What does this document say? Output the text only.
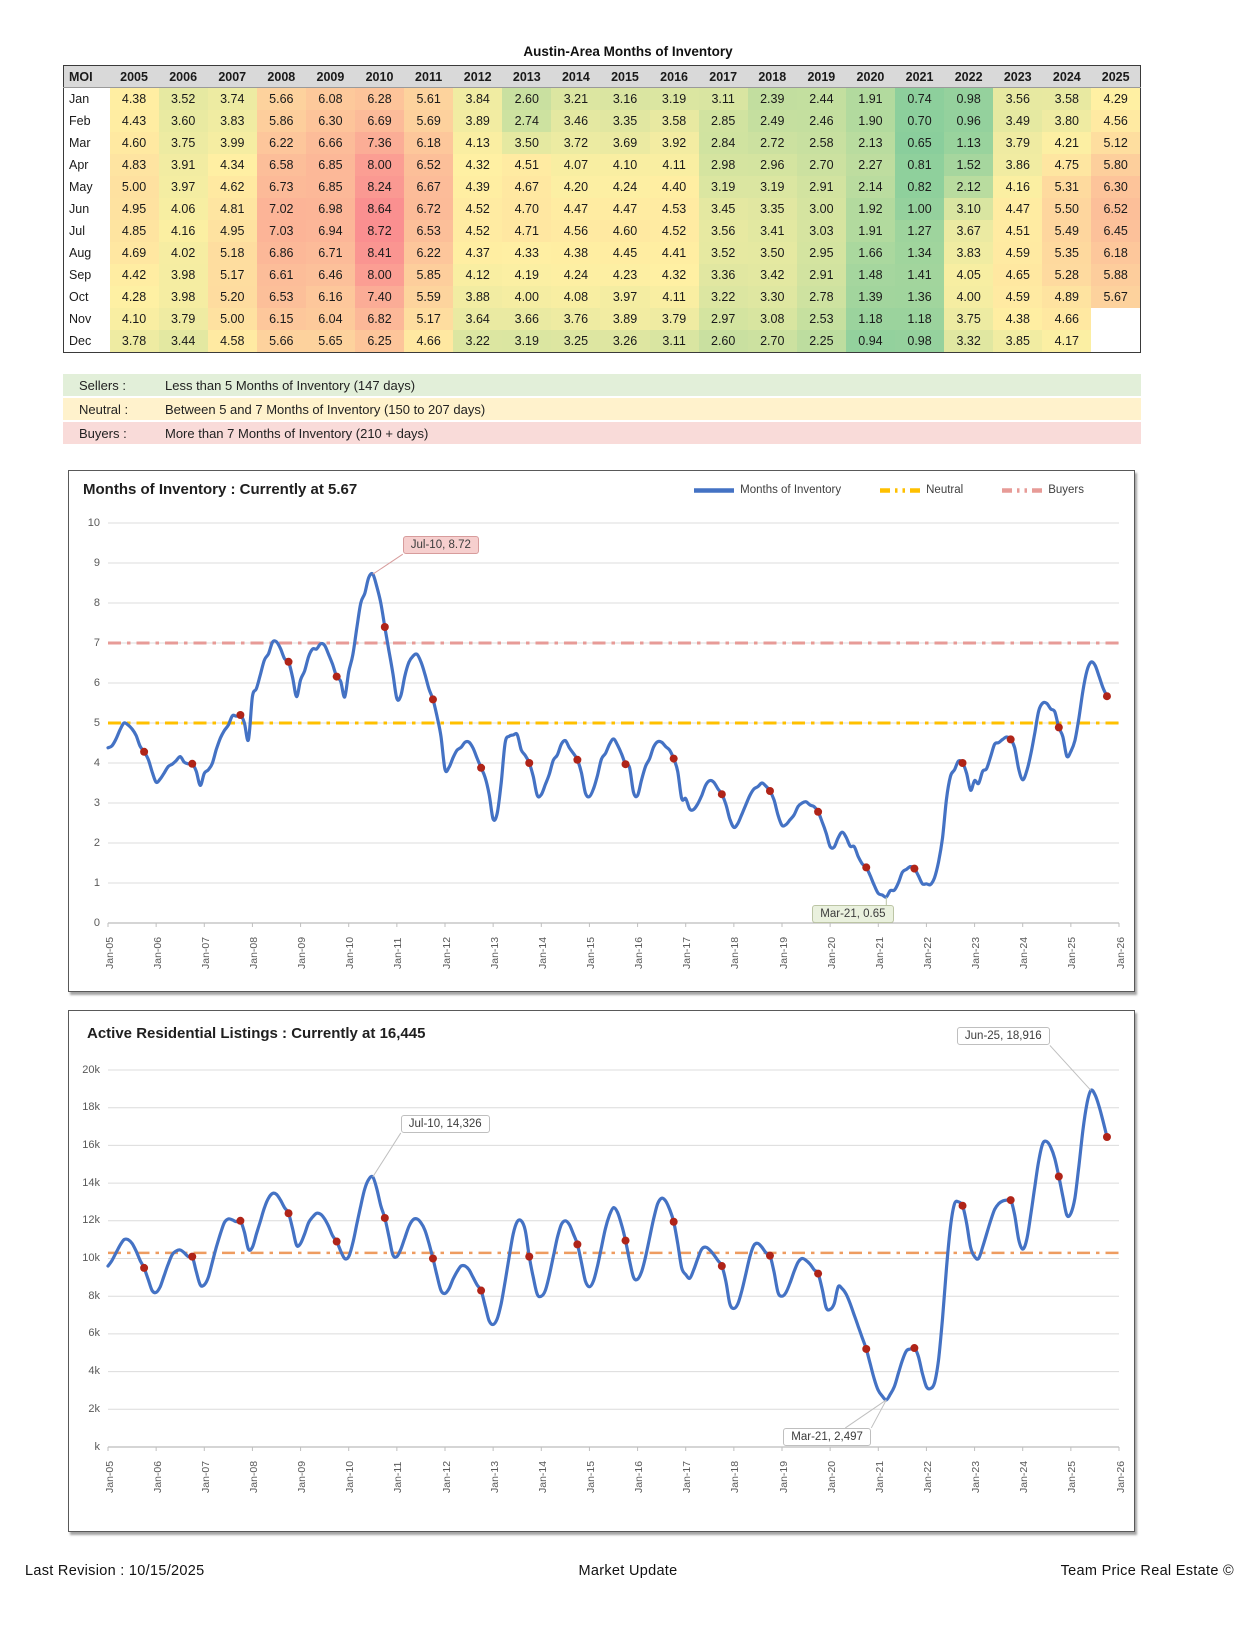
Austin-Area Months of Inventory
MOI	2005	2006	2007	2008	2009	2010	2011	2012	2013	2014	2015	2016	2017	2018	2019	2020	2021	2022	2023	2024	2025
Jan	4.38	3.52	3.74	5.66	6.08	6.28	5.61	3.84	2.60	3.21	3.16	3.19	3.11	2.39	2.44	1.91	0.74	0.98	3.56	3.58	4.29
Feb	4.43	3.60	3.83	5.86	6.30	6.69	5.69	3.89	2.74	3.46	3.35	3.58	2.85	2.49	2.46	1.90	0.70	0.96	3.49	3.80	4.56
Mar	4.60	3.75	3.99	6.22	6.66	7.36	6.18	4.13	3.50	3.72	3.69	3.92	2.84	2.72	2.58	2.13	0.65	1.13	3.79	4.21	5.12
Apr	4.83	3.91	4.34	6.58	6.85	8.00	6.52	4.32	4.51	4.07	4.10	4.11	2.98	2.96	2.70	2.27	0.81	1.52	3.86	4.75	5.80
May	5.00	3.97	4.62	6.73	6.85	8.24	6.67	4.39	4.67	4.20	4.24	4.40	3.19	3.19	2.91	2.14	0.82	2.12	4.16	5.31	6.30
Jun	4.95	4.06	4.81	7.02	6.98	8.64	6.72	4.52	4.70	4.47	4.47	4.53	3.45	3.35	3.00	1.92	1.00	3.10	4.47	5.50	6.52
Jul	4.85	4.16	4.95	7.03	6.94	8.72	6.53	4.52	4.71	4.56	4.60	4.52	3.56	3.41	3.03	1.91	1.27	3.67	4.51	5.49	6.45
Aug	4.69	4.02	5.18	6.86	6.71	8.41	6.22	4.37	4.33	4.38	4.45	4.41	3.52	3.50	2.95	1.66	1.34	3.83	4.59	5.35	6.18
Sep	4.42	3.98	5.17	6.61	6.46	8.00	5.85	4.12	4.19	4.24	4.23	4.32	3.36	3.42	2.91	1.48	1.41	4.05	4.65	5.28	5.88
Oct	4.28	3.98	5.20	6.53	6.16	7.40	5.59	3.88	4.00	4.08	3.97	4.11	3.22	3.30	2.78	1.39	1.36	4.00	4.59	4.89	5.67
Nov	4.10	3.79	5.00	6.15	6.04	6.82	5.17	3.64	3.66	3.76	3.89	3.79	2.97	3.08	2.53	1.18	1.18	3.75	4.38	4.66	
Dec	3.78	3.44	4.58	5.66	5.65	6.25	4.66	3.22	3.19	3.25	3.26	3.11	2.60	2.70	2.25	0.94	0.98	3.32	3.85	4.17	
Sellers :	Less than 5 Months of Inventory (147 days)
Neutral :	Between 5 and 7 Months of Inventory (150 to 207 days)
Buyers :	More than 7 Months of Inventory (210 + days)
Months of Inventory : Currently at 5.67	Months of Inventory	Neutral	Buyers
10
9
8
7
6
5
4
3
2
1
0
Jan-05	Jan-06	Jan-07	Jan-08	Jan-09	Jan-10	Jan-11	Jan-12	Jan-13	Jan-14	Jan-15	Jan-16	Jan-17	Jan-18	Jan-19	Jan-20	Jan-21	Jan-22	Jan-23	Jan-24	Jan-25	Jan-26
Jul-10, 8.72
Mar-21, 0.65
Active Residential Listings : Currently at 16,445
20k
18k
16k
14k
12k
10k
8k
6k
4k
2k
k
Jan-05	Jan-06	Jan-07	Jan-08	Jan-09	Jan-10	Jan-11	Jan-12	Jan-13	Jan-14	Jan-15	Jan-16	Jan-17	Jan-18	Jan-19	Jan-20	Jan-21	Jan-22	Jan-23	Jan-24	Jan-25	Jan-26
Jun-25, 18,916
Jul-10, 14,326
Mar-21, 2,497
Last Revision : 10/15/2025	Market Update	Team Price Real Estate ©
